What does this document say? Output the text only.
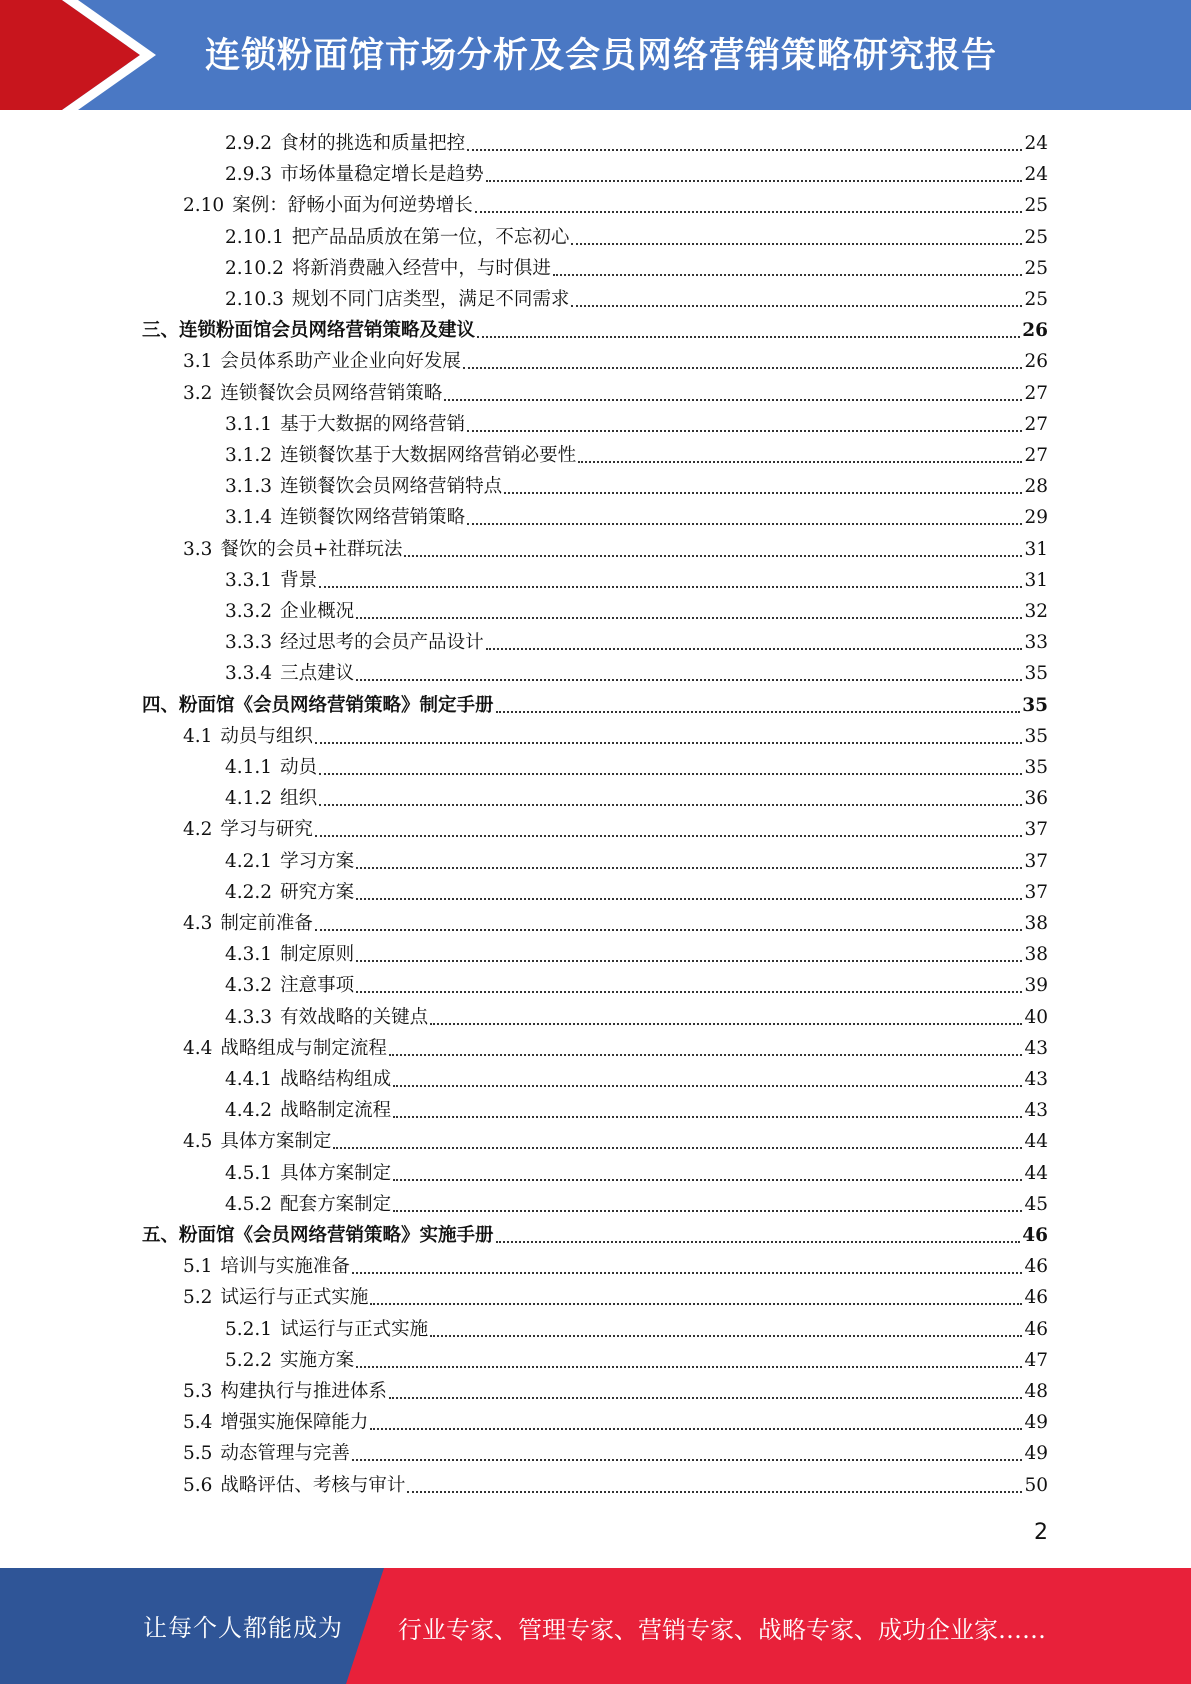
连锁粉面馆市场分析及会员网络营销策略研究报告
2.9.2 食材的挑选和质量把控	24
2.9.3 市场体量稳定增长是趋势	24
2.10 案例：舒畅小面为何逆势增长	25
2.10.1 把产品品质放在第一位，不忘初心	25
2.10.2 将新消费融入经营中，与时俱进	25
2.10.3 规划不同门店类型，满足不同需求	25
三、连锁粉面馆会员网络营销策略及建议	26
3.1 会员体系助产业企业向好发展	26
3.2 连锁餐饮会员网络营销策略	27
3.1.1 基于大数据的网络营销	27
3.1.2 连锁餐饮基于大数据网络营销必要性	27
3.1.3 连锁餐饮会员网络营销特点	28
3.1.4 连锁餐饮网络营销策略	29
3.3 餐饮的会员+社群玩法	31
3.3.1 背景	31
3.3.2 企业概况	32
3.3.3 经过思考的会员产品设计	33
3.3.4 三点建议	35
四、粉面馆《会员网络营销策略》制定手册	35
4.1 动员与组织	35
4.1.1 动员	35
4.1.2 组织	36
4.2 学习与研究	37
4.2.1 学习方案	37
4.2.2 研究方案	37
4.3 制定前准备	38
4.3.1 制定原则	38
4.3.2 注意事项	39
4.3.3 有效战略的关键点	40
4.4 战略组成与制定流程	43
4.4.1 战略结构组成	43
4.4.2 战略制定流程	43
4.5 具体方案制定	44
4.5.1 具体方案制定	44
4.5.2 配套方案制定	45
五、粉面馆《会员网络营销策略》实施手册	46
5.1 培训与实施准备	46
5.2 试运行与正式实施	46
5.2.1 试运行与正式实施	46
5.2.2 实施方案	47
5.3 构建执行与推进体系	48
5.4 增强实施保障能力	49
5.5 动态管理与完善	49
5.6 战略评估、考核与审计	50
2
让每个人都能成为 行业专家、管理专家、营销专家、战略专家、成功企业家……
